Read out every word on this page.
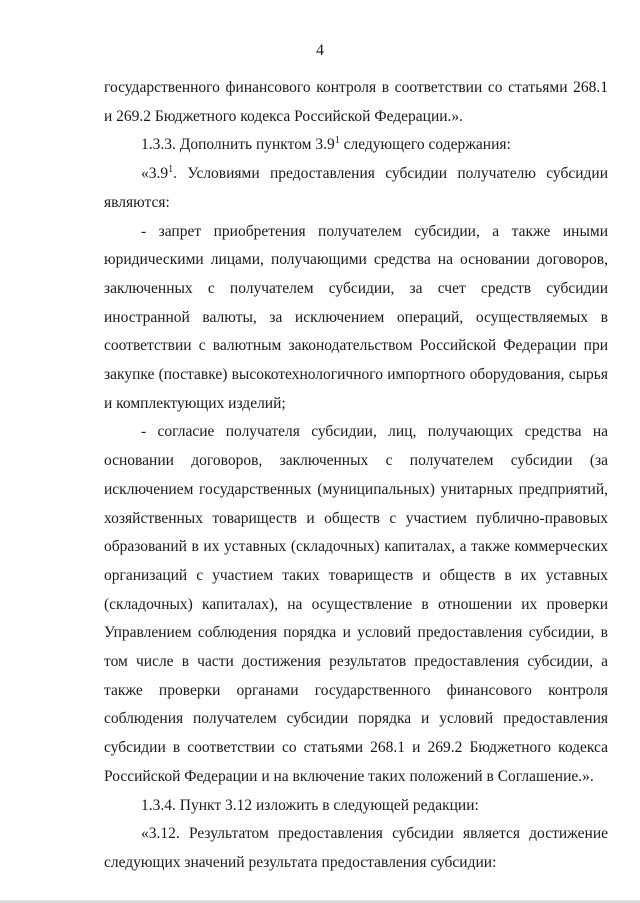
4

государственного финансового контроля в соответствии со статьями 268.1 и 269.2 Бюджетного кодекса Российской Федерации.».

1.3.3. Дополнить пунктом $3.9^1$ следующего содержания:

«$3.9^1$. Условиями предоставления субсидии получателю субсидии являются:

- запрет приобретения получателем субсидии, а также иными юридическими лицами, получающими средства на основании договоров, заключенных с получателем субсидии, за счет средств субсидии иностранной валюты, за исключением операций, осуществляемых в соответствии с валютным законодательством Российской Федерации при закупке (поставке) высокотехнологичного импортного оборудования, сырья и комплектующих изделий;

- согласие получателя субсидии, лиц, получающих средства на основании договоров, заключенных с получателем субсидии (за исключением государственных (муниципальных) унитарных предприятий, хозяйственных товариществ и обществ с участием публично-правовых образований в их уставных (складочных) капиталах, а также коммерческих организаций с участием таких товариществ и обществ в их уставных (складочных) капиталах), на осуществление в отношении их проверки Управлением соблюдения порядка и условий предоставления субсидии, в том числе в части достижения результатов предоставления субсидии, а также проверки органами государственного финансового контроля соблюдения получателем субсидии порядка и условий предоставления субсидии в соответствии со статьями 268.1 и 269.2 Бюджетного кодекса Российской Федерации и на включение таких положений в Соглашение.».

1.3.4. Пункт 3.12 изложить в следующей редакции:

«3.12. Результатом предоставления субсидии является достижение следующих значений результата предоставления субсидии:
